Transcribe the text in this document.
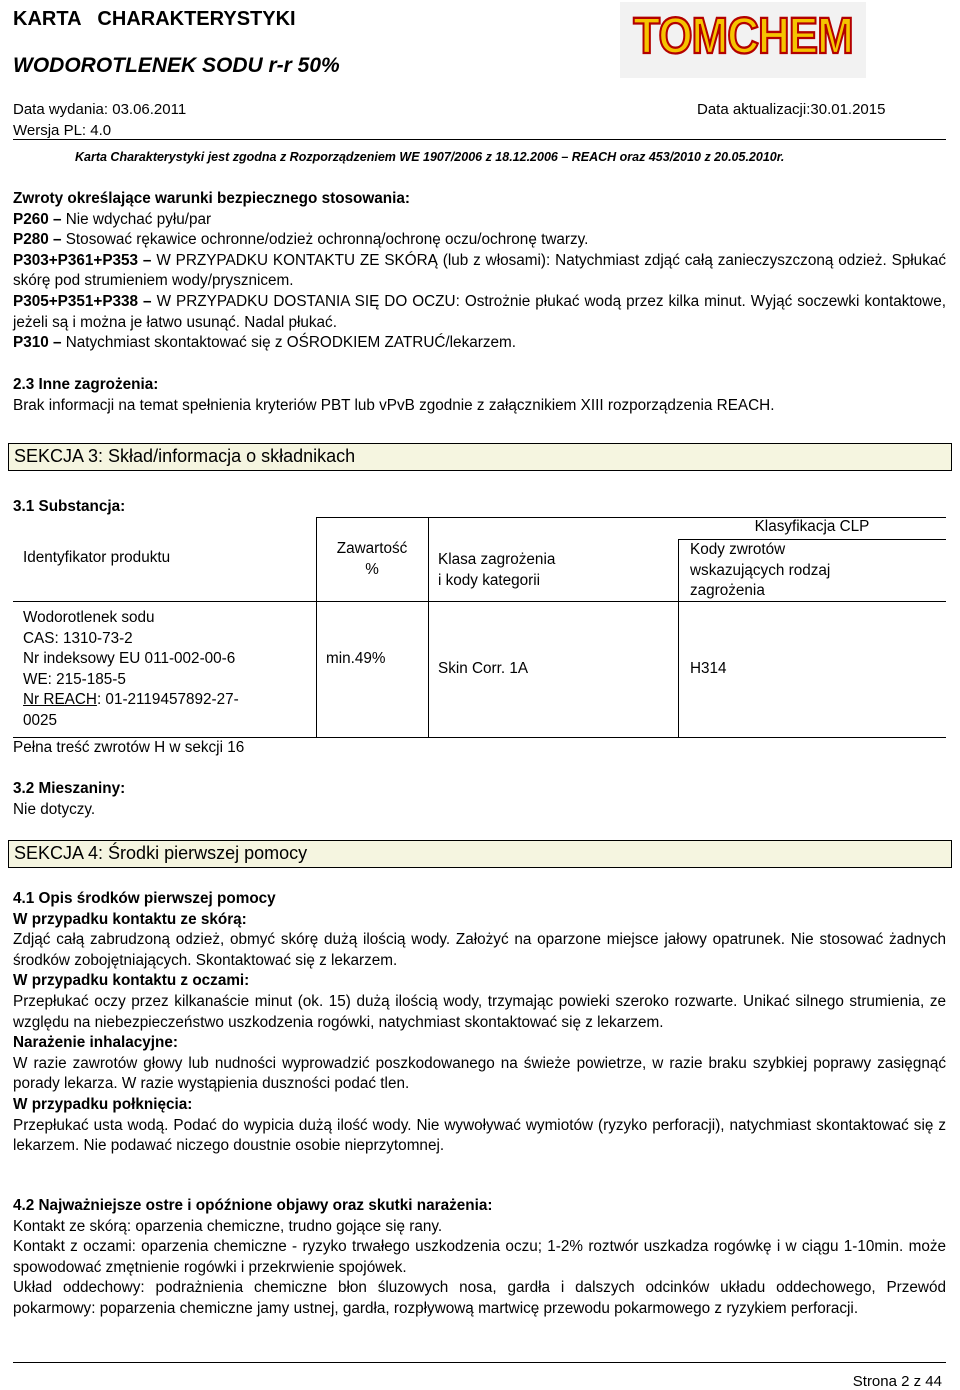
KARTA   CHARAKTERYSTYKI
WODOROTLENEK SODU r-r 50%
TOMCHEM
Data wydania: 03.06.2011
Wersja PL: 4.0
Data aktualizacji:30.01.2015
Karta Charakterystyki jest zgodna z Rozporządzeniem WE 1907/2006 z 18.12.2006 – REACH oraz 453/2010 z 20.05.2010r.
Zwroty określające warunki bezpiecznego stosowania:
P260 – Nie wdychać pyłu/par
P280 – Stosować rękawice ochronne/odzież ochronną/ochronę oczu/ochronę twarzy.
P303+P361+P353 – W PRZYPADKU KONTAKTU ZE SKÓRĄ (lub z włosami): Natychmiast zdjąć całą zanieczyszczoną odzież. Spłukać skórę pod strumieniem wody/prysznicem.
P305+P351+P338 – W PRZYPADKU DOSTANIA SIĘ DO OCZU: Ostrożnie płukać wodą przez kilka minut. Wyjąć soczewki kontaktowe, jeżeli są i można je łatwo usunąć. Nadal płukać.
P310 – Natychmiast skontaktować się z OŚRODKIEM ZATRUĆ/lekarzem.
2.3 Inne zagrożenia:
Brak informacji na temat spełnienia kryteriów PBT lub vPvB zgodnie z załącznikiem XIII rozporządzenia REACH.
SEKCJA 3: Skład/informacja o składnikach
3.1 Substancja:
Identyfikator produktu
Zawartość
%
Klasyfikacja CLP
Klasa zagrożenia
i kody kategorii
Kody zwrotów
wskazujących rodzaj
zagrożenia
Wodorotlenek sodu
CAS: 1310-73-2
Nr indeksowy EU 011-002-00-6
WE: 215-185-5
Nr REACH: 01-2119457892-27-
0025
min.49%
Skin Corr. 1A	H314
Pełna treść zwrotów H w sekcji 16
3.2 Mieszaniny:
Nie dotyczy.
SEKCJA 4: Środki pierwszej pomocy
4.1 Opis środków pierwszej pomocy
W przypadku kontaktu ze skórą:
Zdjąć całą zabrudzoną odzież, obmyć skórę dużą ilością wody. Założyć na oparzone miejsce jałowy opatrunek. Nie stosować żadnych środków zobojętniających. Skontaktować się z lekarzem.
W przypadku kontaktu z oczami:
Przepłukać oczy przez kilkanaście minut (ok. 15) dużą ilością wody, trzymając powieki szeroko rozwarte. Unikać silnego strumienia, ze względu na niebezpieczeństwo uszkodzenia rogówki, natychmiast skontaktować się z lekarzem.
Narażenie inhalacyjne:
W razie zawrotów głowy lub nudności wyprowadzić poszkodowanego na świeże powietrze, w razie braku szybkiej poprawy zasięgnąć porady lekarza. W razie wystąpienia duszności podać tlen.
W przypadku połknięcia:
Przepłukać usta wodą. Podać do wypicia dużą ilość wody. Nie wywoływać wymiotów (ryzyko perforacji), natychmiast skontaktować się z lekarzem. Nie podawać niczego doustnie osobie nieprzytomnej.
4.2 Najważniejsze ostre i opóźnione objawy oraz skutki narażenia:
Kontakt ze skórą: oparzenia chemiczne, trudno gojące się rany.
Kontakt z oczami: oparzenia chemiczne - ryzyko trwałego uszkodzenia oczu; 1-2% roztwór uszkadza rogówkę i w ciągu 1-10min. może spowodować zmętnienie rogówki i przekrwienie spojówek.
Układ oddechowy: podrażnienia chemiczne błon śluzowych nosa, gardła i dalszych odcinków układu oddechowego, Przewód pokarmowy: poparzenia chemiczne jamy ustnej, gardła, rozpływową martwicę przewodu pokarmowego z ryzykiem perforacji.
Strona 2 z 44
